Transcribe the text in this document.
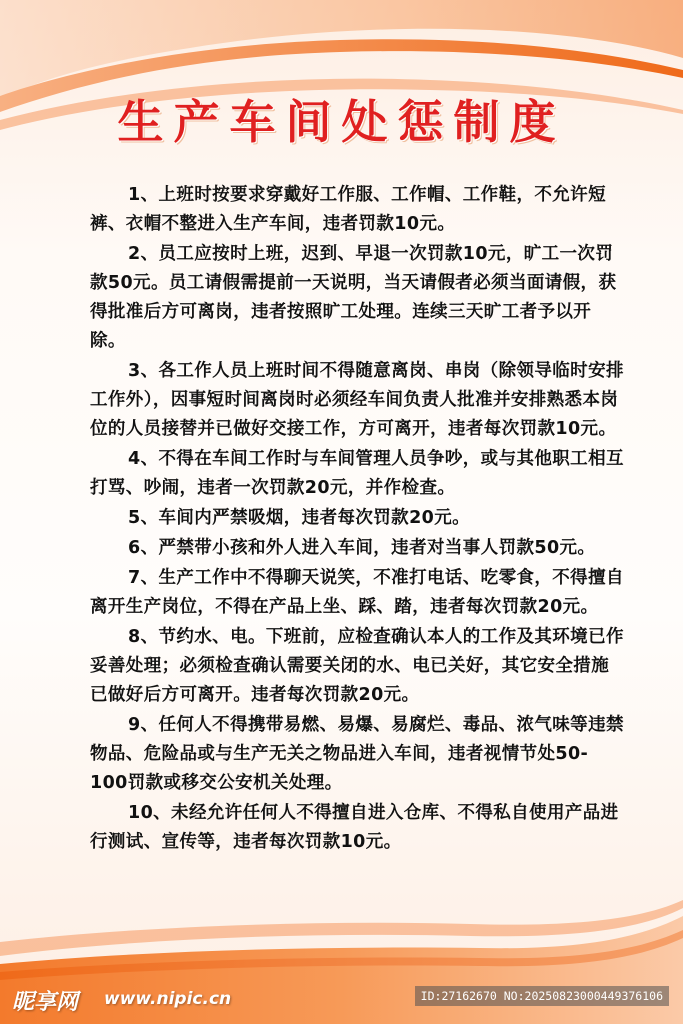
生产车间处惩制度

1、上班时按要求穿戴好工作服、工作帽、工作鞋，不允许短裤、衣帽不整进入生产车间，违者罚款10元。

2、员工应按时上班，迟到、早退一次罚款10元，旷工一次罚款50元。员工请假需提前一天说明，当天请假者必须当面请假，获得批准后方可离岗，违者按照旷工处理。连续三天旷工者予以开除。

3、各工作人员上班时间不得随意离岗、串岗（除领导临时安排工作外），因事短时间离岗时必须经车间负责人批准并安排熟悉本岗位的人员接替并已做好交接工作，方可离开，违者每次罚款10元。

4、不得在车间工作时与车间管理人员争吵，或与其他职工相互打骂、吵闹，违者一次罚款20元，并作检查。

5、车间内严禁吸烟，违者每次罚款20元。

6、严禁带小孩和外人进入车间，违者对当事人罚款50元。

7、生产工作中不得聊天说笑，不准打电话、吃零食，不得擅自离开生产岗位，不得在产品上坐、踩、踏，违者每次罚款20元。

8、节约水、电。下班前，应检查确认本人的工作及其环境已作妥善处理；必须检查确认需要关闭的水、电已关好，其它安全措施已做好后方可离开。违者每次罚款20元。

9、任何人不得携带易燃、易爆、易腐烂、毒品、浓气味等违禁物品、危险品或与生产无关之物品进入车间，违者视情节处50-100罚款或移交公安机关处理。

10、未经允许任何人不得擅自进入仓库、不得私自使用产品进行测试、宣传等，违者每次罚款10元。

昵享网 www.nipic.cn	ID:27162670 NO:20250823000449376106
